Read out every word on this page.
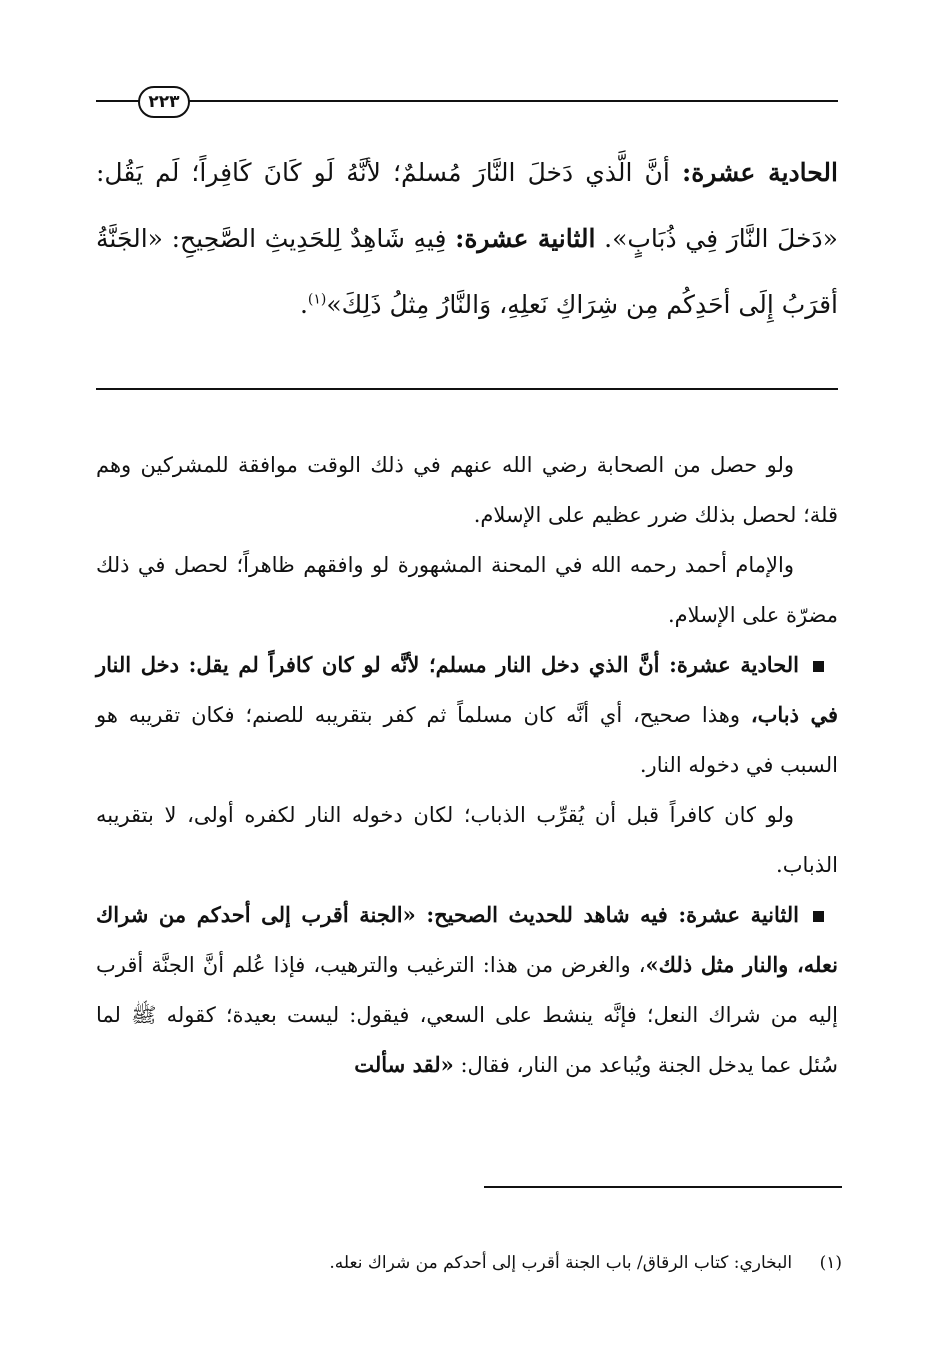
٢٢٣
الحادية عشرة: أنَّ الَّذي دَخلَ النَّارَ مُسلمٌ؛ لأنَّهُ لَو كَانَ كَافِراً؛ لَم يَقُل: «دَخلَ النَّارَ فِي ذُبَابٍ». الثانية عشرة: فِيهِ شَاهِدٌ لِلحَدِيثِ الصَّحِيحِ: «الجَنَّةُ أقرَبُ إِلَى أحَدِكُم مِن شِرَاكِ نَعلِهِ، وَالنَّارُ مِثلُ ذَلِكَ»$^{(١)}$.

ولو حصل من الصحابة رضي الله عنهم في ذلك الوقت موافقة للمشركين وهم قلة؛ لحصل بذلك ضرر عظيم على الإسلام.

والإمام أحمد رحمه الله في المحنة المشهورة لو وافقهم ظاهراً؛ لحصل في ذلك مضرّة على الإسلام.

الحادية عشرة: أنَّ الذي دخل النار مسلم؛ لأنَّه لو كان كافراً لم يقل: دخل النار في ذباب، وهذا صحيح، أي أنَّه كان مسلماً ثم كفر بتقريبه للصنم؛ فكان تقريبه هو السبب في دخوله النار.

ولو كان كافراً قبل أن يُقرِّب الذباب؛ لكان دخوله النار لكفره أولى، لا بتقريبه الذباب.

الثانية عشرة: فيه شاهد للحديث الصحيح: «الجنة أقرب إلى أحدكم من شراك نعله، والنار مثل ذلك»، والغرض من هذا: الترغيب والترهيب، فإذا عُلم أنَّ الجنَّة أقرب إليه من شراك النعل؛ فإنَّه ينشط على السعي، فيقول: ليست بعيدة؛ كقوله ﷺ لما سُئل عما يدخل الجنة ويُباعد من النار، فقال: «لقد سألت

(١) البخاري: كتاب الرقاق/ باب الجنة أقرب إلى أحدكم من شراك نعله.
